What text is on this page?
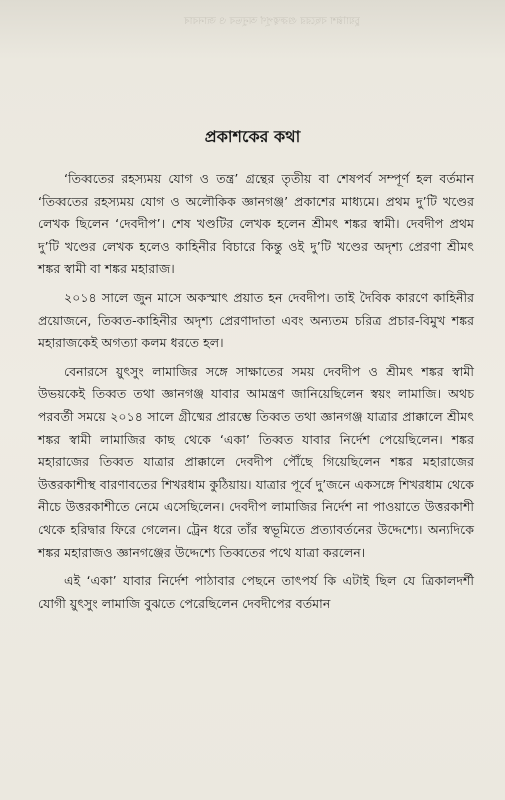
চুয়াল্লিশ বছরের গুরুত্বপূর্ণ অনুভব ও জানবাৰ
প্রকাশকের কথা

‘তিব্বতের রহস্যময় যোগ ও তন্ত্র’ গ্রন্থের তৃতীয় বা শেষপর্ব সম্পূর্ণ হল বর্তমান ‘তিব্বতের রহস্যময় যোগ ও অলৌকিক জ্ঞানগঞ্জ’ প্রকাশের মাধ্যমে। প্রথম দু’টি খণ্ডের লেখক ছিলেন ‘দেবদীপ’। শেষ খণ্ডটির লেখক হলেন শ্রীমৎ শঙ্কর স্বামী। দেবদীপ প্রথম দু’টি খণ্ডের লেখক হলেও কাহিনীর বিচারে কিন্তু ওই দু’টি খণ্ডের অদৃশ্য প্রেরণা শ্রীমৎ শঙ্কর স্বামী বা শঙ্কর মহারাজ।

২০১৪ সালে জুন মাসে অকস্মাৎ প্রয়াত হন দেবদীপ। তাই দৈবিক কারণে কাহিনীর প্রয়োজনে, তিব্বত-কাহিনীর অদৃশ্য প্রেরণাদাতা এবং অন্যতম চরিত্র প্রচার-বিমুখ শঙ্কর মহারাজকেই অগত্যা কলম ধরতে হল।

বেনারসে য়ুৎসুং লামাজির সঙ্গে সাক্ষাতের সময় দেবদীপ ও শ্রীমৎ শঙ্কর স্বামী উভয়কেই তিব্বত তথা জ্ঞানগঞ্জ যাবার আমন্ত্রণ জানিয়েছিলেন স্বয়ং লামাজি। অথচ পরবর্তী সময়ে ২০১৪ সালে গ্রীষ্মের প্রারম্ভে তিব্বত তথা জ্ঞানগঞ্জ যাত্রার প্রাক্কালে শ্রীমৎ শঙ্কর স্বামী লামাজির কাছ থেকে ‘একা’ তিব্বত যাবার নির্দেশ পেয়েছিলেন। শঙ্কর মহারাজের তিব্বত যাত্রার প্রাক্কালে দেবদীপ পৌঁছে গিয়েছিলেন শঙ্কর মহারাজের উত্তরকাশীস্থ বারণাবতের শিখরধাম কুঠিয়ায়। যাত্রার পূর্বে দু’জনে একসঙ্গে শিখরধাম থেকে নীচে উত্তরকাশীতে নেমে এসেছিলেন। দেবদীপ লামাজির নির্দেশ না পাওয়াতে উত্তরকাশী থেকে হরিদ্বার ফিরে গেলেন। ট্রেন ধরে তাঁর স্বভূমিতে প্রত্যাবর্তনের উদ্দেশ্যে। অন্যদিকে শঙ্কর মহারাজও জ্ঞানগঞ্জের উদ্দেশ্যে তিব্বতের পথে যাত্রা করলেন।

এই ‘একা’ যাবার নির্দেশ পাঠাবার পেছনে তাৎপর্য কি এটাই ছিল যে ত্রিকালদর্শী যোগী য়ুৎসুং লামাজি বুঝতে পেরেছিলেন দেবদীপের বর্তমান
